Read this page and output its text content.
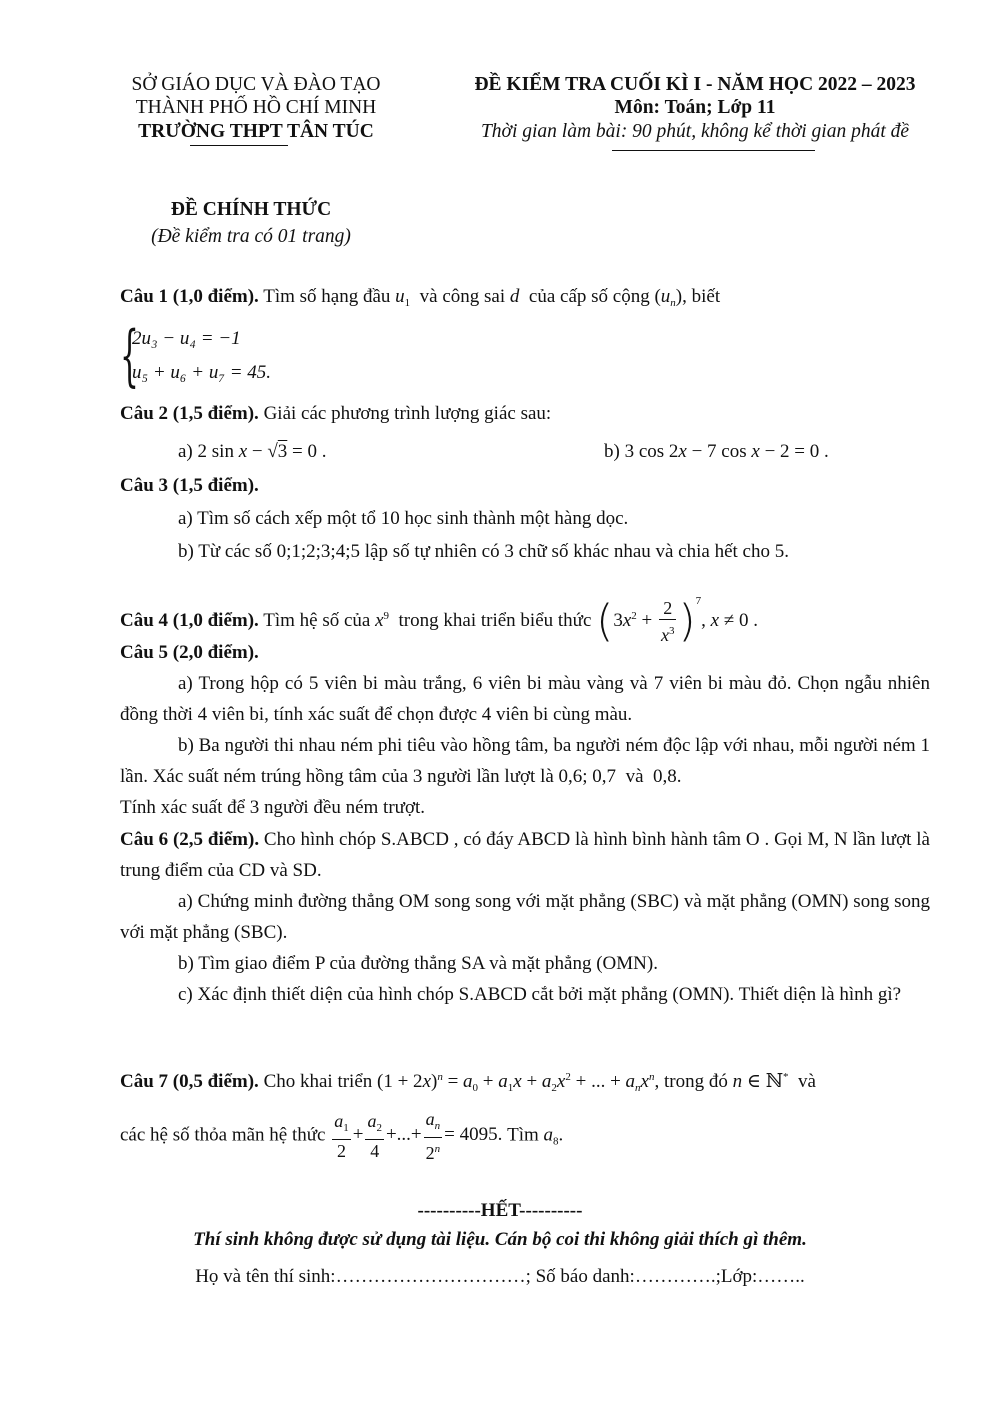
SỞ GIÁO DỤC VÀ ĐÀO TẠO
THÀNH PHỐ HỒ CHÍ MINH
TRƯỜNG THPT TÂN TÚC
ĐỀ KIỂM TRA CUỐI KÌ I - NĂM HỌC 2022 – 2023
Môn: Toán; Lớp 11
Thời gian làm bài: 90 phút, không kể thời gian phát đề
ĐỀ CHÍNH THỨC
(Đề kiểm tra có 01 trang)

Câu 1 (1,0 điểm). Tìm số hạng đầu $u_1$ và công sai d của cấp số cộng $(u_n)$, biết

{
2u₃ − u₄ = −1
u₅ + u₆ + u₇ = 45.

Câu 2 (1,5 điểm). Giải các phương trình lượng giác sau:

a) 2 sin x − √3 = 0 .	b) 3 cos 2x − 7 cos x − 2 = 0 .

Câu 3 (1,5 điểm).

a) Tìm số cách xếp một tổ 10 học sinh thành một hàng dọc.

b) Từ các số 0;1;2;3;4;5 lập số tự nhiên có 3 chữ số khác nhau và chia hết cho 5.

Câu 4 (1,0 điểm). Tìm hệ số của $x^9$ trong khai triển biểu thức $(3x^2 + \frac{2}{x^3} )^7$, x ≠ 0 .

Câu 5 (2,0 điểm).

a) Trong hộp có 5 viên bi màu trắng, 6 viên bi màu vàng và 7 viên bi màu đỏ. Chọn ngẫu nhiên đồng thời 4 viên bi, tính xác suất để chọn được 4 viên bi cùng màu.

b) Ba người thi nhau ném phi tiêu vào hồng tâm, ba người ném độc lập với nhau, mỗi người ném 1 lần. Xác suất ném trúng hồng tâm của 3 người lần lượt là 0,6; 0,7 và 0,8.

Tính xác suất để 3 người đều ném trượt.

Câu 6 (2,5 điểm). Cho hình chóp S.ABCD , có đáy ABCD là hình bình hành tâm O . Gọi M, N lần lượt là trung điểm của CD và SD.

a) Chứng minh đường thẳng OM song song với mặt phẳng (SBC) và mặt phẳng (OMN) song song với mặt phẳng (SBC).

b) Tìm giao điểm P của đường thẳng SA và mặt phẳng (OMN).

c) Xác định thiết diện của hình chóp S.ABCD cắt bởi mặt phẳng (OMN). Thiết diện là hình gì?

Câu 7 (0,5 điểm). Cho khai triển $(1 + 2x)^n = a_0 + a_1x + a_2x^2$ + ... + $a_nx^n$, trong đó n ∈ ℕ* và

các hệ số thỏa mãn hệ thức $\frac{a_1}{2} + \frac{a_2}{4}$ +...+ $\frac{a_n}{2^n} = 4095$. Tìm $a_8$.

----------HẾT----------
Thí sinh không được sử dụng tài liệu. Cán bộ coi thi không giải thích gì thêm.
Họ và tên thí sinh:…………………………; Số báo danh:………….;Lớp:……..
